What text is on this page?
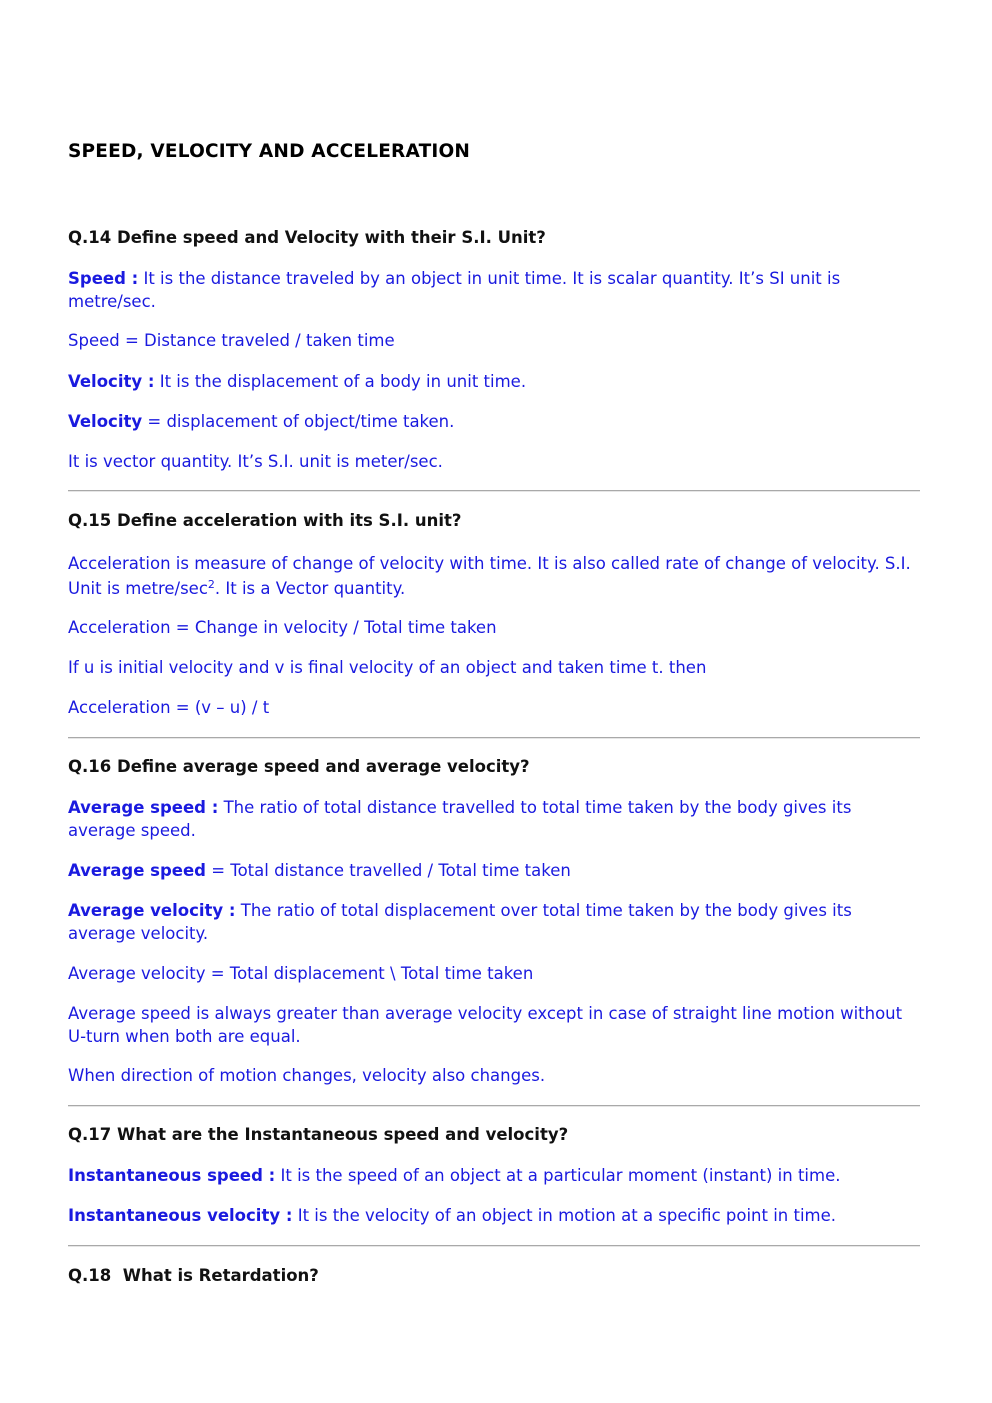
SPEED, VELOCITY AND ACCELERATION
Q.14 Define speed and Velocity with their S.I. Unit?
Speed : It is the distance traveled by an object in unit time. It is scalar quantity. It’s SI unit is metre/sec.
Speed = Distance traveled / taken time
Velocity : It is the displacement of a body in unit time.
Velocity = displacement of object/time taken.
It is vector quantity. It’s S.I. unit is meter/sec.
Q.15 Define acceleration with its S.I. unit?
Acceleration is measure of change of velocity with time. It is also called rate of change of velocity. S.I. Unit is metre/$\sec^2$. It is a Vector quantity.
Acceleration = Change in velocity / Total time taken
If u is initial velocity and v is final velocity of an object and taken time t. then
Acceleration = (v – u) / t
Q.16 Define average speed and average velocity?
Average speed : The ratio of total distance travelled to total time taken by the body gives its average speed.
Average speed = Total distance travelled / Total time taken
Average velocity : The ratio of total displacement over total time taken by the body gives its average velocity.
Average velocity = Total displacement \ Total time taken
Average speed is always greater than average velocity except in case of straight line motion without U-turn when both are equal.
When direction of motion changes, velocity also changes.
Q.17 What are the Instantaneous speed and velocity?
Instantaneous speed : It is the speed of an object at a particular moment (instant) in time.
Instantaneous velocity : It is the velocity of an object in motion at a specific point in time.
Q.18  What is Retardation?
